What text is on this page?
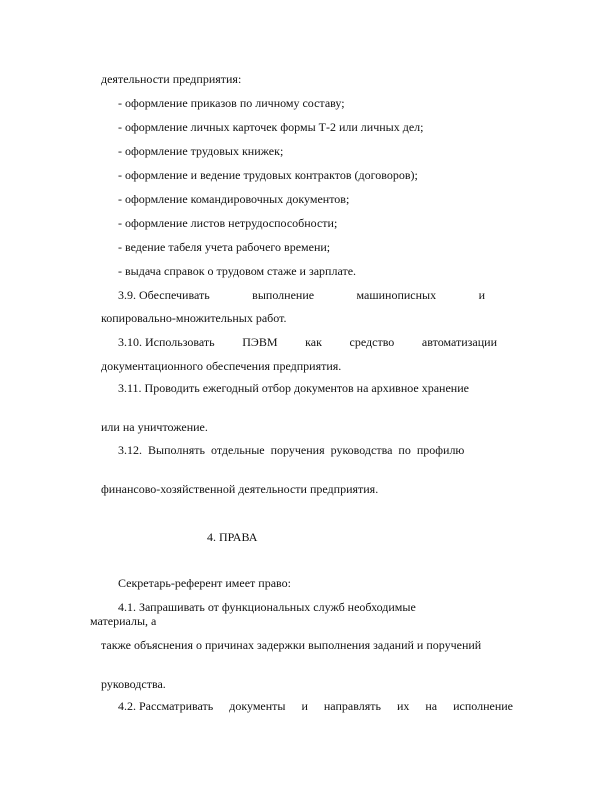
деятельности предприятия:
- оформление приказов по личному составу;
- оформление личных карточек формы Т-2 или личных дел;
- оформление трудовых книжек;
- оформление и ведение трудовых контрактов (договоров);
- оформление командировочных документов;
- оформление листов нетрудоспособности;
- ведение табеля учета рабочего времени;
- выдача справок о трудовом стаже и зарплате.
3.9. Обеспечивать	выполнение	машинописных	и
копировально-множительных работ.
3.10. Использовать ПЭВМ как средство автоматизации
документационного обеспечения предприятия.
3.11. Проводить ежегодный отбор документов на архивное хранение
или на уничтожение.
3.12. Выполнять отдельные поручения руководства по профилю
финансово-хозяйственной деятельности предприятия.
4. ПРАВА
Секретарь-референт имеет право:
4.1. Запрашивать от функциональных служб необходимые материалы, а
также объяснения о причинах задержки выполнения заданий и поручений
руководства.
4.2. Рассматривать документы и направлять их на исполнение
